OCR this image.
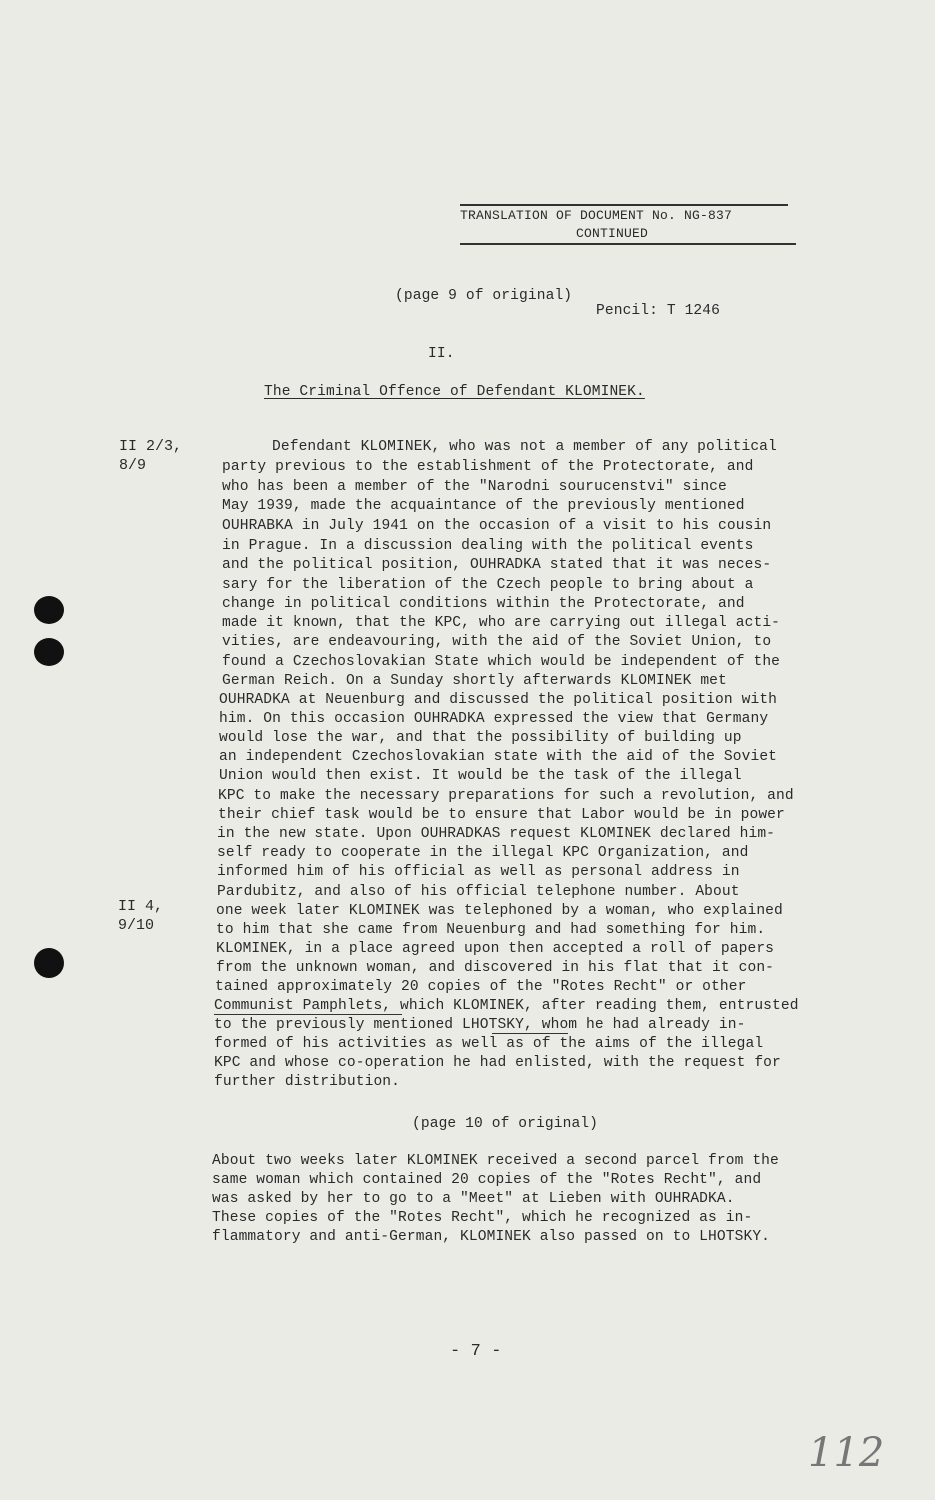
TRANSLATION OF DOCUMENT No. NG-837
CONTINUED
(page 9 of original)
Pencil: T 1246
II.
The Criminal Offence of Defendant KLOMINEK.
II 2/3,
8/9
II 4,
9/10
Defendant KLOMINEK, who was not a member of any political
party previous to the establishment of the Protectorate, and
who has been a member of the "Narodni sourucenstvi" since
May 1939, made the acquaintance of the previously mentioned
OUHRABKA in July 1941 on the occasion of a visit to his cousin
in Prague. In a discussion dealing with the political events
and the political position, OUHRADKA stated that it was neces-
sary for the liberation of the Czech people to bring about a
change in political conditions within the Protectorate, and
made it known, that the KPC, who are carrying out illegal acti-
vities, are endeavouring, with the aid of the Soviet Union, to
found a Czechoslovakian State which would be independent of the
German Reich. On a Sunday shortly afterwards KLOMINEK met
OUHRADKA at Neuenburg and discussed the political position with
him. On this occasion OUHRADKA expressed the view that Germany
would lose the war, and that the possibility of building up
an independent Czechoslovakian state with the aid of the Soviet
Union would then exist. It would be the task of the illegal
KPC to make the necessary preparations for such a revolution, and
their chief task would be to ensure that Labor would be in power
in the new state. Upon OUHRADKAS request KLOMINEK declared him-
self ready to cooperate in the illegal KPC Organization, and
informed him of his official as well as personal address in
Pardubitz, and also of his official telephone number. About
one week later KLOMINEK was telephoned by a woman, who explained
to him that she came from Neuenburg and had something for him.
KLOMINEK, in a place agreed upon then accepted a roll of papers
from the unknown woman, and discovered in his flat that it con-
tained approximately 20 copies of the "Rotes Recht" or other
Communist Pamphlets, which KLOMINEK, after reading them, entrusted
to the previously mentioned LHOTSKY, whom he had already in-
formed of his activities as well as of the aims of the illegal
KPC and whose co-operation he had enlisted, with the request for
further distribution.
(page 10 of original)
About two weeks later KLOMINEK received a second parcel from the
same woman which contained 20 copies of the "Rotes Recht", and
was asked by her to go to a "Meet" at Lieben with OUHRADKA.
These copies of the "Rotes Recht", which he recognized as in-
flammatory and anti-German, KLOMINEK also passed on to LHOTSKY.
- 7 -
112
